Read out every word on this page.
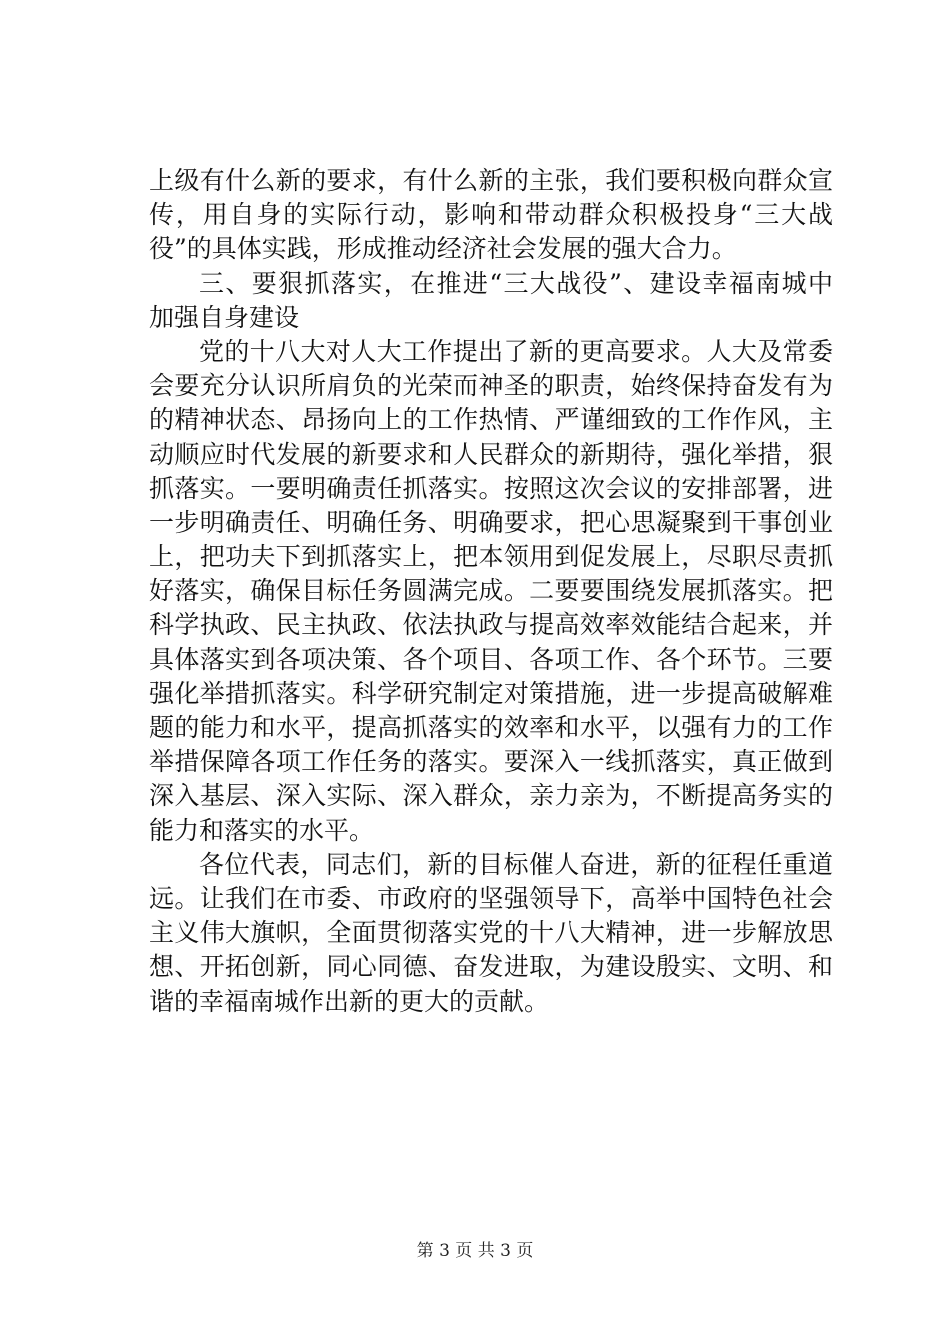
上级有什么新的要求，有什么新的主张，我们要积极向群众宣
传，用自身的实际行动，影响和带动群众积极投身“三大战
役”的具体实践，形成推动经济社会发展的强大合力。
三、要狠抓落实，在推进“三大战役”、建设幸福南城中
加强自身建设
党的十八大对人大工作提出了新的更高要求。人大及常委
会要充分认识所肩负的光荣而神圣的职责，始终保持奋发有为
的精神状态、昂扬向上的工作热情、严谨细致的工作作风，主
动顺应时代发展的新要求和人民群众的新期待，强化举措，狠
抓落实。一要明确责任抓落实。按照这次会议的安排部署，进
一步明确责任、明确任务、明确要求，把心思凝聚到干事创业
上，把功夫下到抓落实上，把本领用到促发展上，尽职尽责抓
好落实，确保目标任务圆满完成。二要要围绕发展抓落实。把
科学执政、民主执政、依法执政与提高效率效能结合起来，并
具体落实到各项决策、各个项目、各项工作、各个环节。三要
强化举措抓落实。科学研究制定对策措施，进一步提高破解难
题的能力和水平，提高抓落实的效率和水平，以强有力的工作
举措保障各项工作任务的落实。要深入一线抓落实，真正做到
深入基层、深入实际、深入群众，亲力亲为，不断提高务实的
能力和落实的水平。
各位代表，同志们，新的目标催人奋进，新的征程任重道
远。让我们在市委、市政府的坚强领导下，高举中国特色社会
主义伟大旗帜，全面贯彻落实党的十八大精神，进一步解放思
想、开拓创新，同心同德、奋发进取，为建设殷实、文明、和
谐的幸福南城作出新的更大的贡献。
第 3 页 共 3 页
